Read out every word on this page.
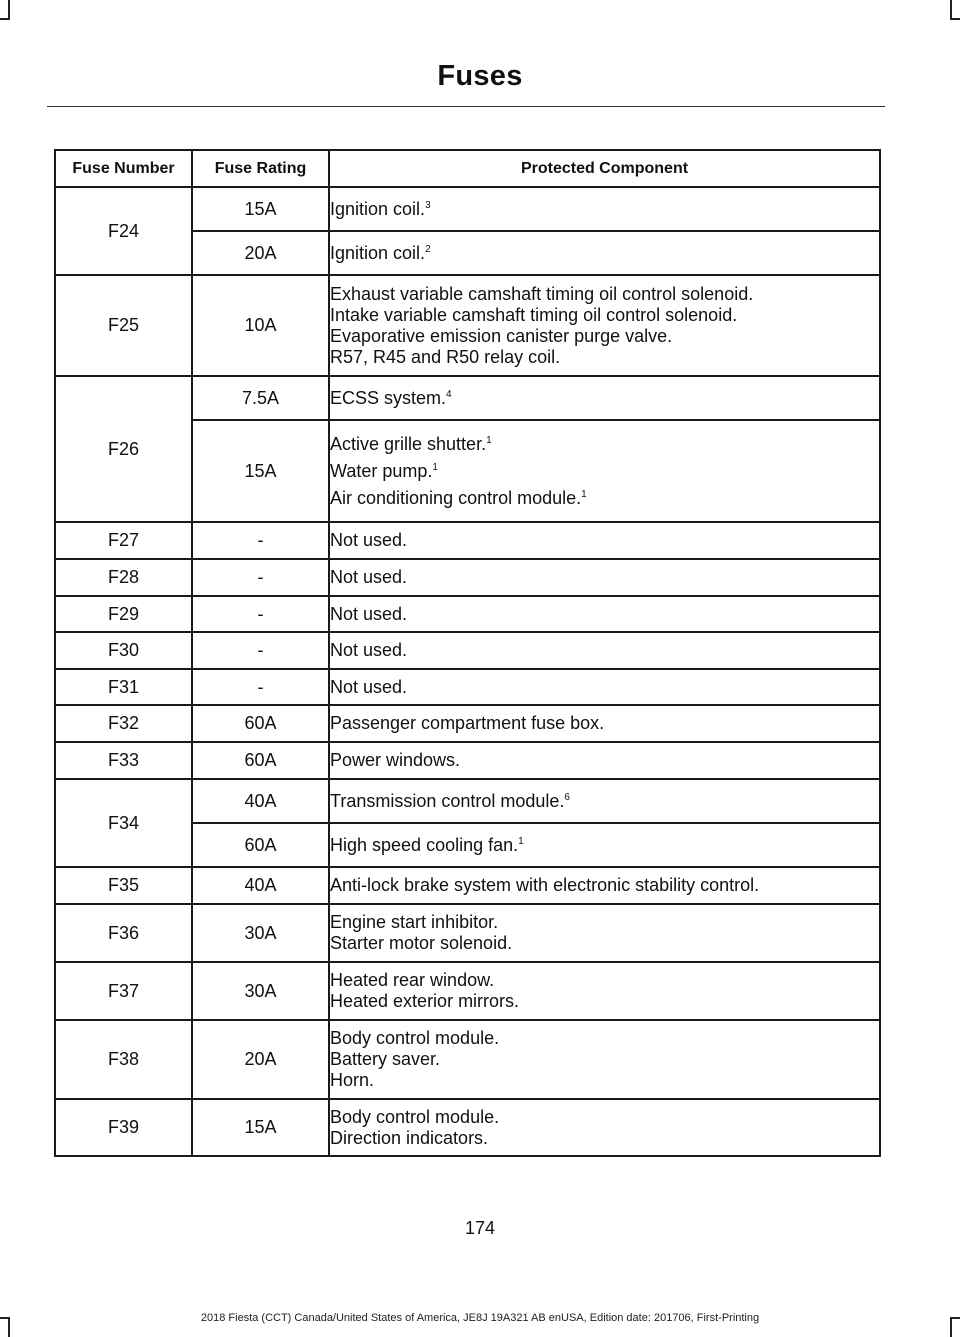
Fuses
Fuse Number	Fuse Rating	Protected Component
F24	15A	Ignition coil.$^3$

	20A	Ignition coil.$^2$

F25	10A	Exhaust variable camshaft timing oil control solenoid.
Intake variable camshaft timing oil control solenoid.
Evaporative emission canister purge valve.
R57, R45 and R50 relay coil.

F26	7.5A	ECSS system.$^4$

	15A	Active grille shutter.$^1$
Water pump.$^1$
Air conditioning control module.$^1$

F27	-	Not used.

F28	-	Not used.

F29	-	Not used.

F30	-	Not used.

F31	-	Not used.

F32	60A	Passenger compartment fuse box.

F33	60A	Power windows.

F34	40A	Transmission control module.$^6$

	60A	High speed cooling fan.$^1$

F35	40A	Anti-lock brake system with electronic stability control.

F36	30A	Engine start inhibitor.
Starter motor solenoid.

F37	30A	Heated rear window.
Heated exterior mirrors.

F38	20A	Body control module.
Battery saver.
Horn.

F39	15A	Body control module.
Direction indicators.
174
2018 Fiesta (CCT) Canada/United States of America, JE8J 19A321 AB enUSA, Edition date: 201706, First-Printing
